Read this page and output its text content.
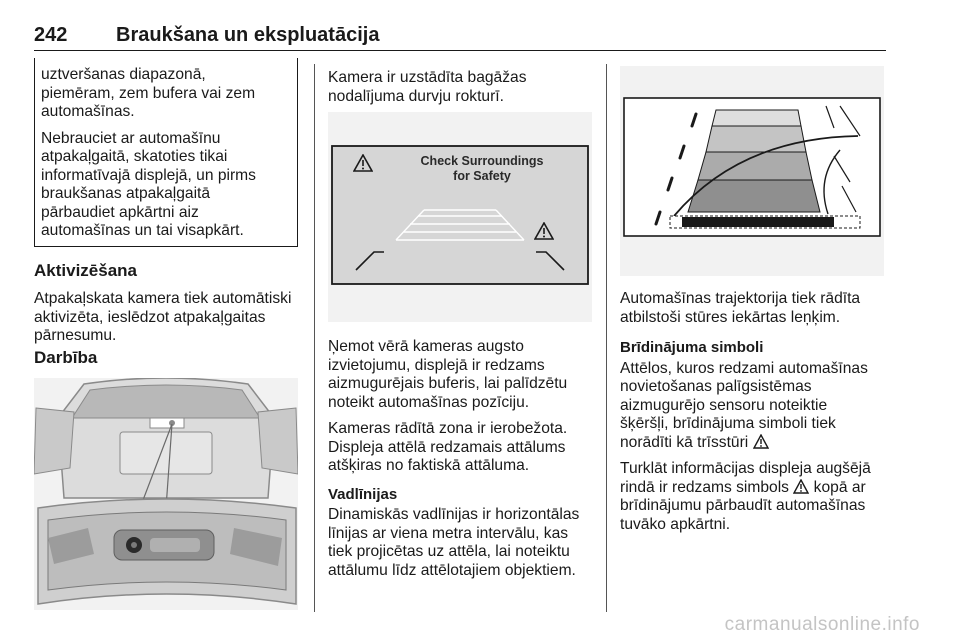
242 Braukšana un ekspluatācija

uztveršanas diapazonā,
piemēram, zem bufera vai zem
automašīnas.

Nebrauciet ar automašīnu
atpakaļgaitā, skatoties tikai
informatīvajā displejā, un pirms
braukšanas atpakaļgaitā
pārbaudiet apkārtni aiz
automašīnas un tai visapkārt.

Aktivizēšana
Atpakaļskata kamera tiek automātiski
aktivizēta, ieslēdzot atpakaļgaitas
pārnesumu.
Darbība
Kamera ir uzstādīta bagāžas
nodalījuma durvju rokturī.
Check Surroundings
for Safety

Ņemot vērā kameras augsto
izvietojumu, displejā ir redzams
aizmugurējais buferis, lai palīdzētu
noteikt automašīnas pozīciju.

Kameras rādītā zona ir ierobežota.
Displeja attēlā redzamais attālums
atšķiras no faktiskā attāluma.

Vadlīnijas

Dinamiskās vadlīnijas ir horizontālas
līnijas ar viena metra intervālu, kas
tiek projicētas uz attēla, lai noteiktu
attālumu līdz attēlotajiem objektiem.

Automašīnas trajektorija tiek rādīta
atbilstoši stūres iekārtas leņķim.

Brīdinājuma simboli

Attēlos, kuros redzami automašīnas
novietošanas palīgsistēmas
aizmugurējo sensoru noteiktie
šķēršļi, brīdinājuma simboli tiek
norādīti kā trīsstūri

Turklāt informācijas displeja augšējā
rindā ir redzams simbols kopā ar
brīdinājumu pārbaudīt automašīnas
tuvāko apkārtni.

carmanualsonline.info
